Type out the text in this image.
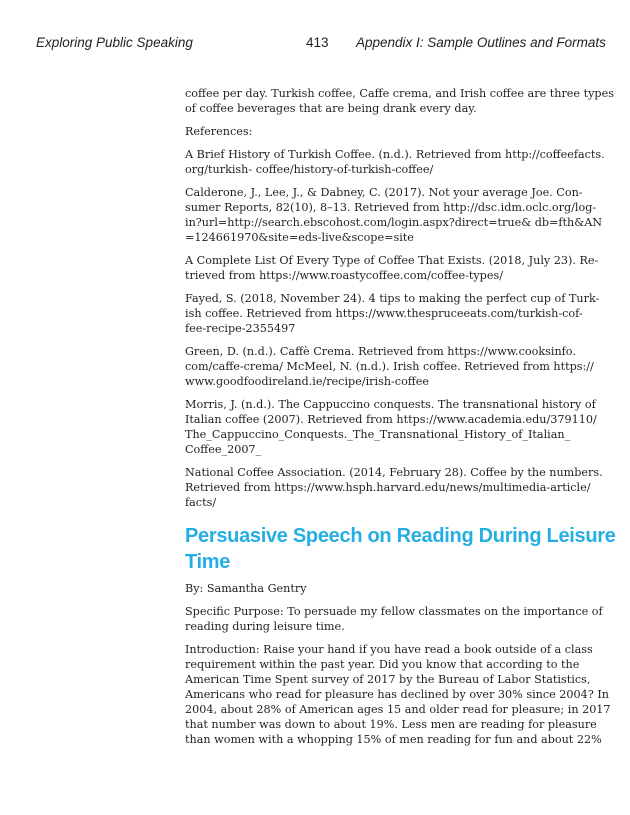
Exploring Public Speaking	413 Appendix I: Sample Outlines and Formats

coffee per day. Turkish coffee, Caffe crema, and Irish coffee are three types
of coffee beverages that are being drank every day.

References:

A Brief History of Turkish Coffee. (n.d.). Retrieved from http://coffeefacts.
org/turkish- coffee/history-of-turkish-coffee/

Calderone, J., Lee, J., & Dabney, C. (2017). Not your average Joe. Con-
sumer Reports, 82(10), 8–13. Retrieved from http://dsc.idm.oclc.org/log-
in?url=http://search.ebscohost.com/login.aspx?direct=true& db=fth&AN
=124661970&site=eds-live&scope=site

A Complete List Of Every Type of Coffee That Exists. (2018, July 23). Re-
trieved from https://www.roastycoffee.com/coffee-types/

Fayed, S. (2018, November 24). 4 tips to making the perfect cup of Turk-
ish coffee. Retrieved from https://www.thespruceeats.com/turkish-cof-
fee-recipe-2355497

Green, D. (n.d.). Caffè Crema. Retrieved from https://www.cooksinfo.
com/caffe-crema/ McMeel, N. (n.d.). Irish coffee. Retrieved from https://
www.goodfoodireland.ie/recipe/irish-coffee

Morris, J. (n.d.). The Cappuccino conquests. The transnational history of
Italian coffee (2007). Retrieved from https://www.academia.edu/379110/
The_Cappuccino_Conquests._The_Transnational_History_of_Italian_
Coffee_2007_

National Coffee Association. (2014, February 28). Coffee by the numbers.
Retrieved from https://www.hsph.harvard.edu/news/multimedia-article/
facts/

Persuasive Speech on Reading During Leisure
Time

By: Samantha Gentry

Specific Purpose: To persuade my fellow classmates on the importance of
reading during leisure time.

Introduction: Raise your hand if you have read a book outside of a class
requirement within the past year. Did you know that according to the
American Time Spent survey of 2017 by the Bureau of Labor Statistics,
Americans who read for pleasure has declined by over 30% since 2004? In
2004, about 28% of American ages 15 and older read for pleasure; in 2017
that number was down to about 19%. Less men are reading for pleasure
than women with a whopping 15% of men reading for fun and about 22%
